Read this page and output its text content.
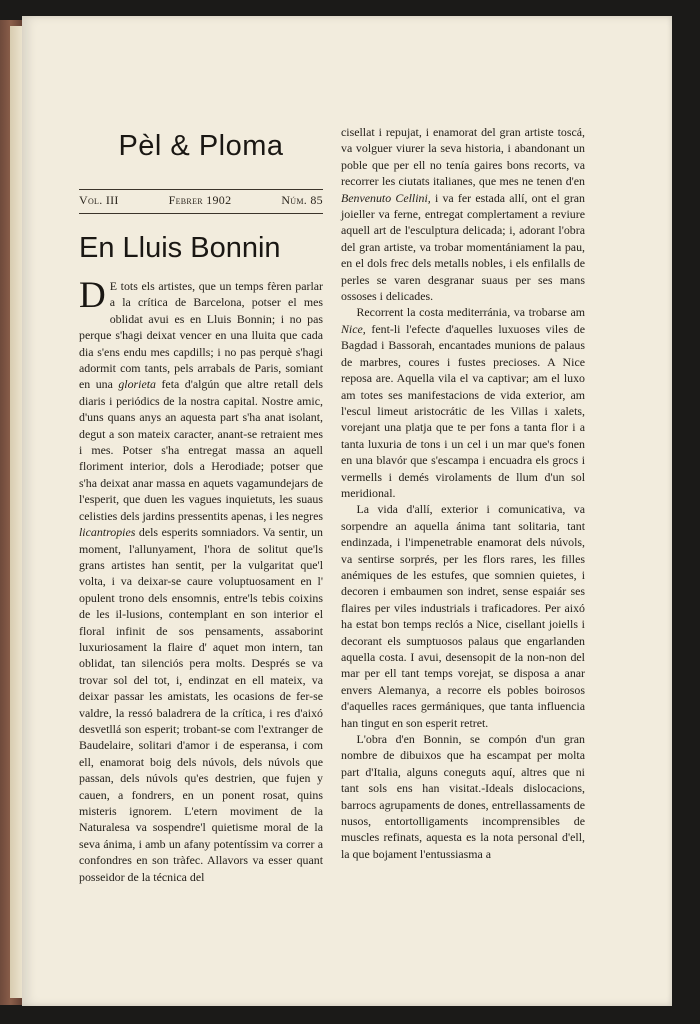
Pèl & Ploma
Vol. III	Febrer 1902	Núm. 85
En Lluis Bonnin

D E tots els artistes, que un temps fèren parlar a la crítica de Barcelona, potser el mes oblidat avui es en Lluis Bonnin; i no pas perque s'hagi deixat vencer en una lluita que cada dia s'ens endu mes capdills; i no pas perquè s'hagi adormit com tants, pels arrabals de Paris, somiant en una glorieta feta d'algún que altre retall dels diaris i periódics de la nostra capital. Nostre amic, d'uns quans anys an aquesta part s'ha anat isolant, degut a son mateix caracter, anant-se retraient mes i mes. Potser s'ha entregat massa an aquell floriment interior, dols a Herodiade; potser que s'ha deixat anar massa en aquets vagamundejars de l'esperit, que duen les vagues inquietuts, les suaus celisties dels jardins pressentits apenas, i les negres licantropies dels esperits somniadors. Va sentir, un moment, l'allunyament, l'hora de solitut que'ls grans artistes han sentit, per la vulgaritat que'l volta, i va deixar-se caure voluptuosament en l' opulent trono dels ensomnis, entre'ls tebis coixins de les il-lusions, contemplant en son interior el floral infinit de sos pensaments, assaborint luxuriosament la flaire d' aquet mon intern, tan oblidat, tan silenciós pera molts. Després se va trovar sol del tot, i, endinzat en ell mateix, va deixar passar les amistats, les ocasions de fer-se valdre, la ressó baladrera de la crítica, i res d'aixó desvetllá son esperit; trobant-se com l'extranger de Baudelaire, solitari d'amor i de esperansa, i com ell, enamorat boig dels núvols, dels núvols que passan, dels núvols qu'es destrien, que fujen y cauen, a fondrers, en un ponent rosat, quins misteris ignorem. L'etern moviment de la Naturalesa va sospendre'l quietisme moral de la seva ánima, i amb un afany potentíssim va correr a confondres en son tràfec. Allavors va esser quant posseidor de la técnica del

cisellat i repujat, i enamorat del gran artiste toscá, va volguer viurer la seva historia, i abandonant un poble que per ell no tenía gaires bons recorts, va recorrer les ciutats italianes, que mes ne tenen d'en Benvenuto Cellini, i va fer estada allí, ont el gran joieller va ferne, entregat complertament a reviure aquell art de l'esculptura delicada; i, adorant l'obra del gran artiste, va trobar momentániament la pau, en el dols frec dels metalls nobles, i els enfilalls de perles se varen desgranar suaus per ses mans ossoses i delicades.

Recorrent la costa mediterránia, va trobarse am Nice, fent-li l'efecte d'aquelles luxuoses viles de Bagdad i Bassorah, encantades munions de palaus de marbres, coures i fustes precioses. A Nice reposa are. Aquella vila el va captivar; am el luxo am totes ses manifestacions de vida exterior, am l'escul limeut aristocrátic de les Villas i xalets, vorejant una platja que te per fons a tanta flor i a tanta luxuria de tons i un cel i un mar que's fonen en una blavór que s'escampa i encuadra els grocs i vermells i demés virolaments de llum d'un sol meridional.

La vida d'allí, exterior i comunicativa, va sorpendre an aquella ánima tant solitaria, tant endinzada, i l'impenetrable enamorat dels núvols, va sentirse sorprés, per les flors rares, les filles anémiques de les estufes, que somnien quietes, i decoren i embaumen son indret, sense espaiár ses flaires per viles industrials i traficadores. Per aixó ha estat bon temps reclós a Nice, cisellant joiells i decorant els sumptuosos palaus que engarlanden aquella costa. I avui, desensopit de la non-non del mar per ell tant temps vorejat, se disposa a anar envers Alemanya, a recorre els pobles boirosos d'aquelles races germániques, que tanta influencia han tingut en son esperit retret.

L'obra d'en Bonnin, se compón d'un gran nombre de dibuixos que ha escampat per molta part d'Italia, alguns coneguts aquí, altres que ni tant sols ens han visitat.-Ideals dislocacions, barrocs agrupaments de dones, entrellassaments de nusos, entortolligaments incomprensibles de muscles refinats, aquesta es la nota personal d'ell, la que bojament l'entussiasma a
